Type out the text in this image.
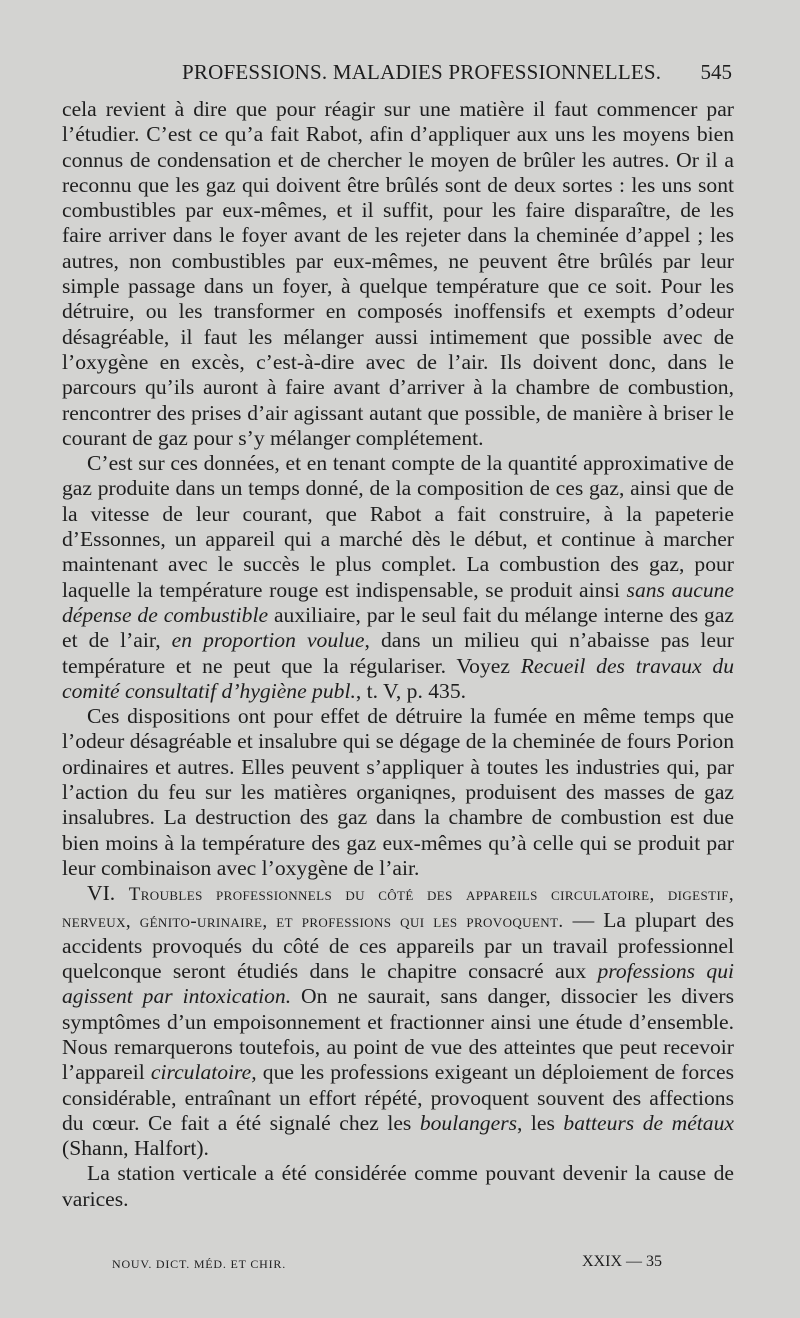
PROFESSIONS. MALADIES PROFESSIONNELLES. 545

cela revient à dire que pour réagir sur une matière il faut commencer par l’étudier. C’est ce qu’a fait Rabot, afin d’appliquer aux uns les moyens bien connus de condensation et de chercher le moyen de brûler les autres. Or il a reconnu que les gaz qui doivent être brûlés sont de deux sortes : les uns sont combustibles par eux-mêmes, et il suffit, pour les faire disparaître, de les faire arriver dans le foyer avant de les rejeter dans la cheminée d’appel ; les autres, non combustibles par eux-mêmes, ne peuvent être brûlés par leur simple passage dans un foyer, à quelque température que ce soit. Pour les détruire, ou les transformer en composés inoffensifs et exempts d’odeur désagréable, il faut les mélanger aussi intimement que possible avec de l’oxygène en excès, c’est-à-dire avec de l’air. Ils doivent donc, dans le parcours qu’ils auront à faire avant d’arriver à la chambre de combustion, rencontrer des prises d’air agissant autant que possible, de manière à briser le courant de gaz pour s’y mélanger complétement.

C’est sur ces données, et en tenant compte de la quantité approximative de gaz produite dans un temps donné, de la composition de ces gaz, ainsi que de la vitesse de leur courant, que Rabot a fait construire, à la papeterie d’Essonnes, un appareil qui a marché dès le début, et continue à marcher maintenant avec le succès le plus complet. La combustion des gaz, pour laquelle la température rouge est indispensable, se produit ainsi sans aucune dépense de combustible auxiliaire, par le seul fait du mélange interne des gaz et de l’air, en proportion voulue, dans un milieu qui n’abaisse pas leur température et ne peut que la régulariser. Voyez Recueil des travaux du comité consultatif d’hygiène publ., t. V, p. 435.

Ces dispositions ont pour effet de détruire la fumée en même temps que l’odeur désagréable et insalubre qui se dégage de la cheminée de fours Porion ordinaires et autres. Elles peuvent s’appliquer à toutes les industries qui, par l’action du feu sur les matières organiqnes, produisent des masses de gaz insalubres. La destruction des gaz dans la chambre de combustion est due bien moins à la température des gaz eux-mêmes qu’à celle qui se produit par leur combinaison avec l’oxygène de l’air.

VI. Troubles professionnels du côté des appareils circulatoire, digestif, nerveux, génito-urinaire, et professions qui les provoquent. — La plupart des accidents provoqués du côté de ces appareils par un travail professionnel quelconque seront étudiés dans le chapitre consacré aux professions qui agissent par intoxication. On ne saurait, sans danger, dissocier les divers symptômes d’un empoisonnement et fractionner ainsi une étude d’ensemble. Nous remarquerons toutefois, au point de vue des atteintes que peut recevoir l’appareil circulatoire, que les professions exigeant un déploiement de forces considérable, entraînant un effort répété, provoquent souvent des affections du cœur. Ce fait a été signalé chez les boulangers, les batteurs de métaux (Shann, Halfort).

La station verticale a été considérée comme pouvant devenir la cause de varices.

NOUV. DICT. MÉD. ET CHIR.	XXIX — 35
